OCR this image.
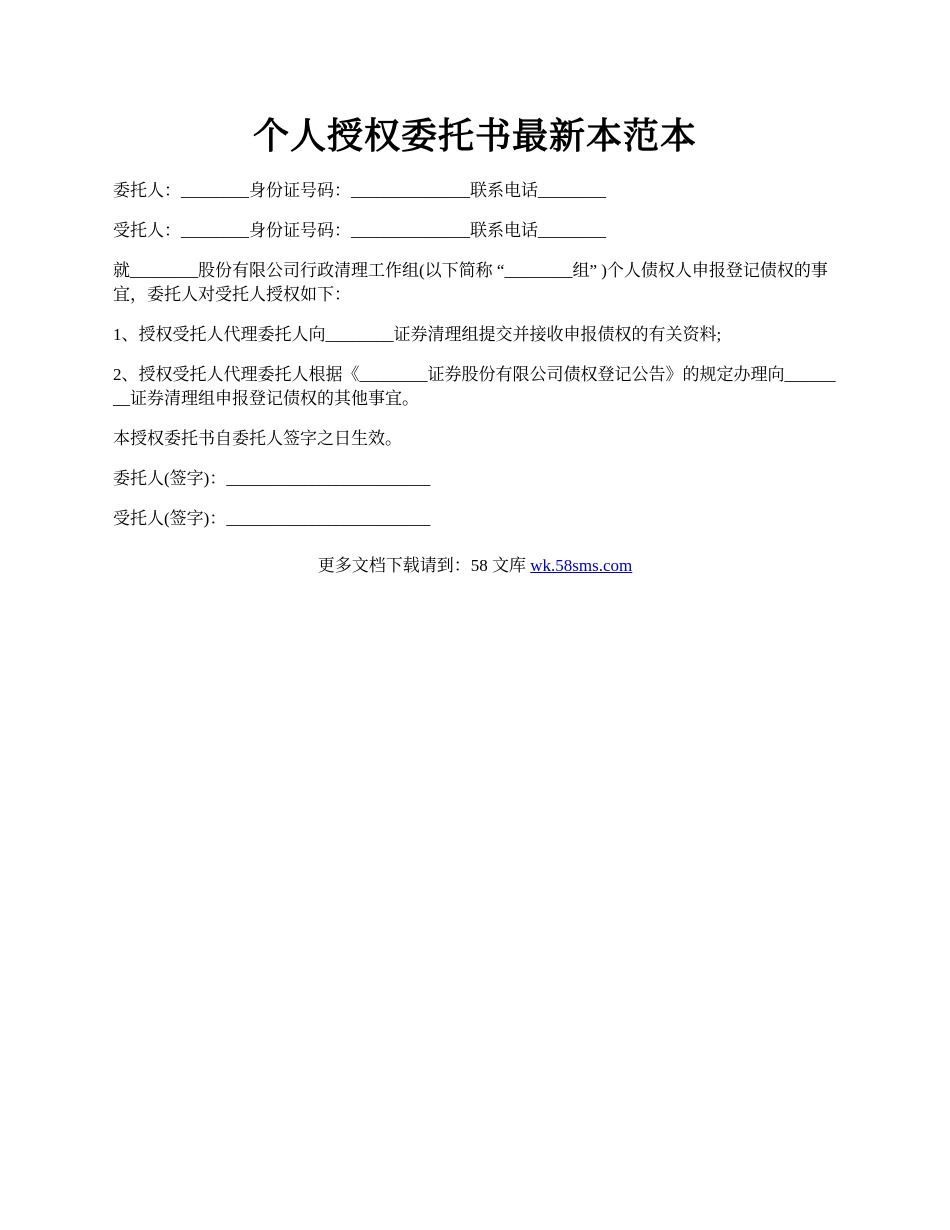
个人授权委托书最新本范本

委托人：________身份证号码：______________联系电话________

受托人：________身份证号码：______________联系电话________

就________股份有限公司行政清理工作组(以下简称 “________组” )个人债权人申报登记债权的事宜，委托人对受托人授权如下：

1、授权受托人代理委托人向________证券清理组提交并接收申报债权的有关资料;

2、授权受托人代理委托人根据《________证券股份有限公司债权登记公告》的规定办理向________证券清理组申报登记债权的其他事宜。

本授权委托书自委托人签字之日生效。

委托人(签字)：________________________

受托人(签字)：________________________

更多文档下载请到：58 文库 wk.58sms.com
